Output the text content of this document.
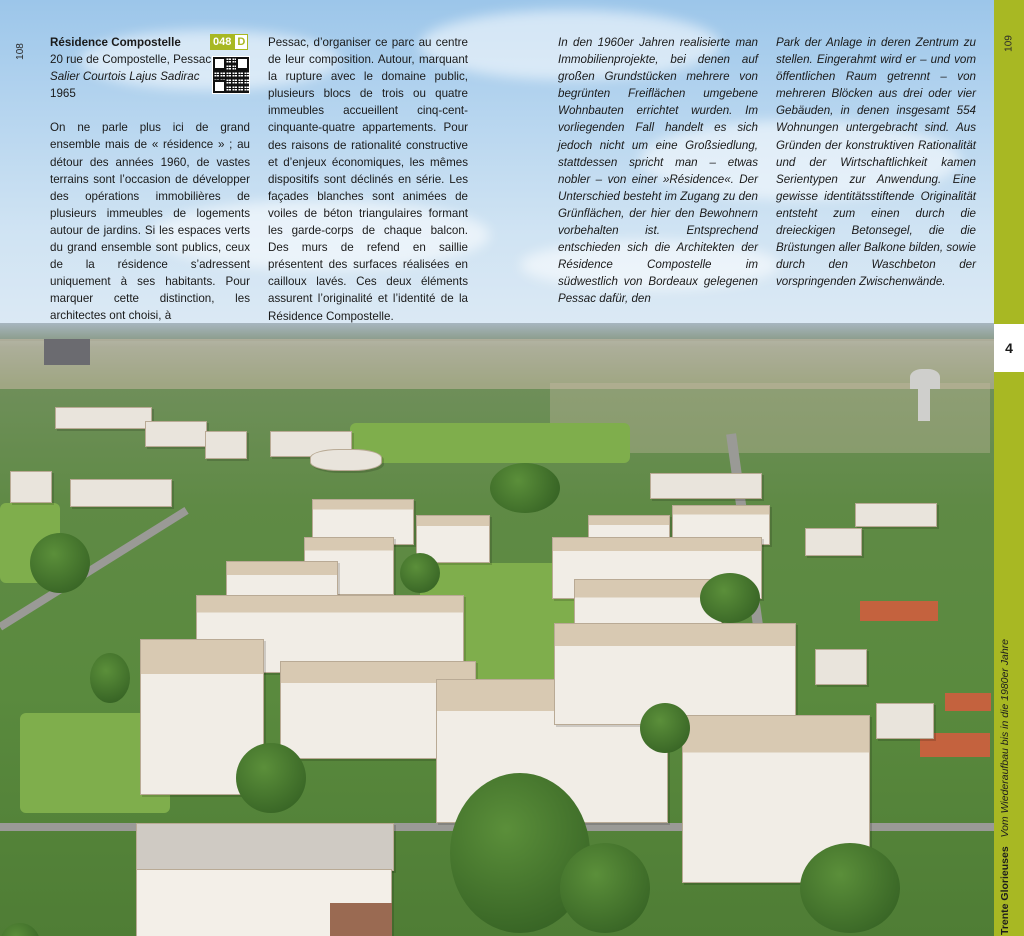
108

Résidence Compostelle

20 rue de Compostelle, Pessac

Salier Courtois Lajus Sadirac

1965

On ne parle plus ici de grand ensemble mais de « résidence » ; au détour des années 1960, de vastes terrains sont l’occasion de développer des opérations immobilières de plusieurs immeubles de logements autour de jardins. Si les espaces verts du grand ensemble sont publics, ceux de la résidence s’adressent uniquement à ses habitants. Pour marquer cette distinction, les architectes ont choisi, à

048 D Pessac, d’organiser ce parc au centre de leur composition. Autour, marquant la rupture avec le domaine public, plusieurs blocs de trois ou quatre immeubles accueillent cinq-cent-cinquante-quatre appartements. Pour des raisons de rationalité constructive et d’enjeux économiques, les mêmes dispositifs sont déclinés en série. Les façades blanches sont animées de voiles de béton triangulaires formant les garde-corps de chaque balcon. Des murs de refend en saillie présentent des surfaces réalisées en cailloux lavés. Ces deux éléments assurent l’originalité et l’identité de la Résidence Compostelle.

In den 1960er Jahren realisierte man Immobilienprojekte, bei denen auf großen Grundstücken mehrere von begrünten Freiflächen umgebene Wohnbauten errichtet wurden. Im vorliegenden Fall handelt es sich jedoch nicht um eine Großsiedlung, stattdessen spricht man – etwas nobler – von einer »Résidence«. Der Unterschied besteht im Zugang zu den Grünflächen, der hier den Bewohnern vorbehalten ist. Entsprechend entschieden sich die Architekten der Résidence Compostelle im südwestlich von Bordeaux gelegenen Pessac dafür, den

Park der Anlage in deren Zentrum zu stellen. Eingerahmt wird er – und vom öffentlichen Raum getrennt – von mehreren Blöcken aus drei oder vier Gebäuden, in denen insgesamt 554 Wohnungen untergebracht sind. Aus Gründen der konstruktiven Rationalität und der Wirtschaftlichkeit kamen Serientypen zur Anwendung. Eine gewisse identitätsstiftende Originalität entsteht zum einen durch die dreieckigen Betonsegel, die die Brüstungen aller Balkone bilden, sowie durch den Waschbeton der vorspringenden Zwischenwände.

109
4
Trente Glorieuses   Vom Wiederaufbau bis in die 1980er Jahre
